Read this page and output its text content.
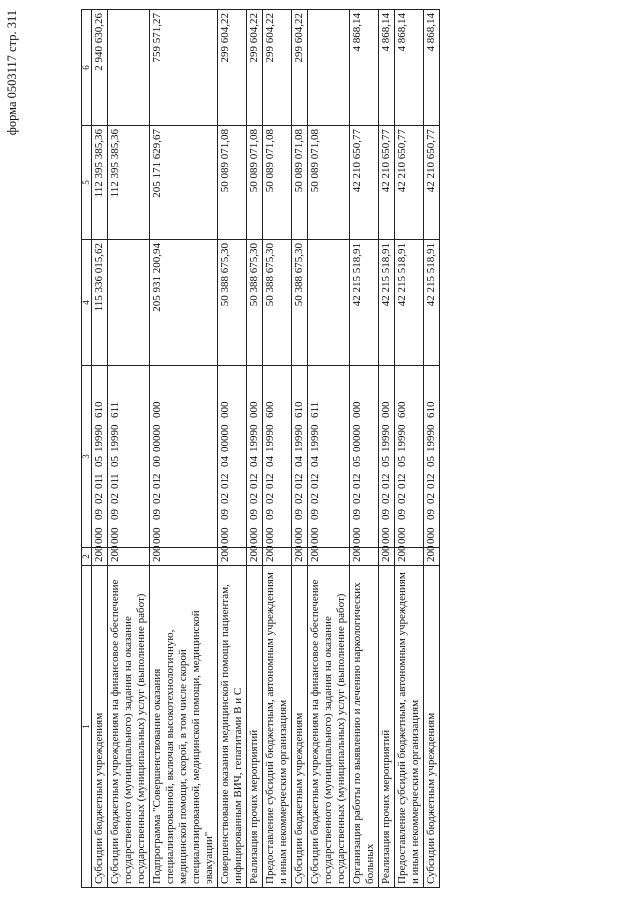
форма 0503117 стр. 311
1	2	3	4	5	6
Субсидии бюджетным учреждениям	200	00009020110519990610	115 336 015,62	112 395 385,36	2 940 630,26
Субсидии бюджетным учреждениям на финансовое обеспечение государственного (муниципального) задания на оказание государственных (муниципальных) услуг (выполнение работ)	200	00009020110519990611		112 395 385,36	
Подпрограмма "Совершенствование оказания специализированной, включая высокотехнологичную, медицинской помощи, скорой, в том числе скорой специализированной, медицинской помощи, медицинской эвакуации"	200	00009020120000000000	205 931 200,94	205 171 629,67	759 571,27
Совершенствование оказания медицинской помощи пациентам, инфицированным ВИЧ, гепатитами В и С	200	00009020120400000000	50 388 675,30	50 089 071,08	299 604,22
Реализация прочих мероприятий	200	00009020120419990000	50 388 675,30	50 089 071,08	299 604,22
Предоставление субсидий бюджетным, автономным учреждениям и иным некоммерческим организациям	200	00009020120419990600	50 388 675,30	50 089 071,08	299 604,22
Субсидии бюджетным учреждениям	200	00009020120419990610	50 388 675,30	50 089 071,08	299 604,22
Субсидии бюджетным учреждениям на финансовое обеспечение государственного (муниципального) задания на оказание государственных (муниципальных) услуг (выполнение работ)	200	00009020120419990611		50 089 071,08	
Организация работы по выявлению и лечению наркологических больных	200	00009020120500000000	42 215 518,91	42 210 650,77	4 868,14
Реализация прочих мероприятий	200	00009020120519990000	42 215 518,91	42 210 650,77	4 868,14
Предоставление субсидий бюджетным, автономным учреждениям и иным некоммерческим организациям	200	00009020120519990600	42 215 518,91	42 210 650,77	4 868,14
Субсидии бюджетным учреждениям	200	00009020120519990610	42 215 518,91	42 210 650,77	4 868,14
